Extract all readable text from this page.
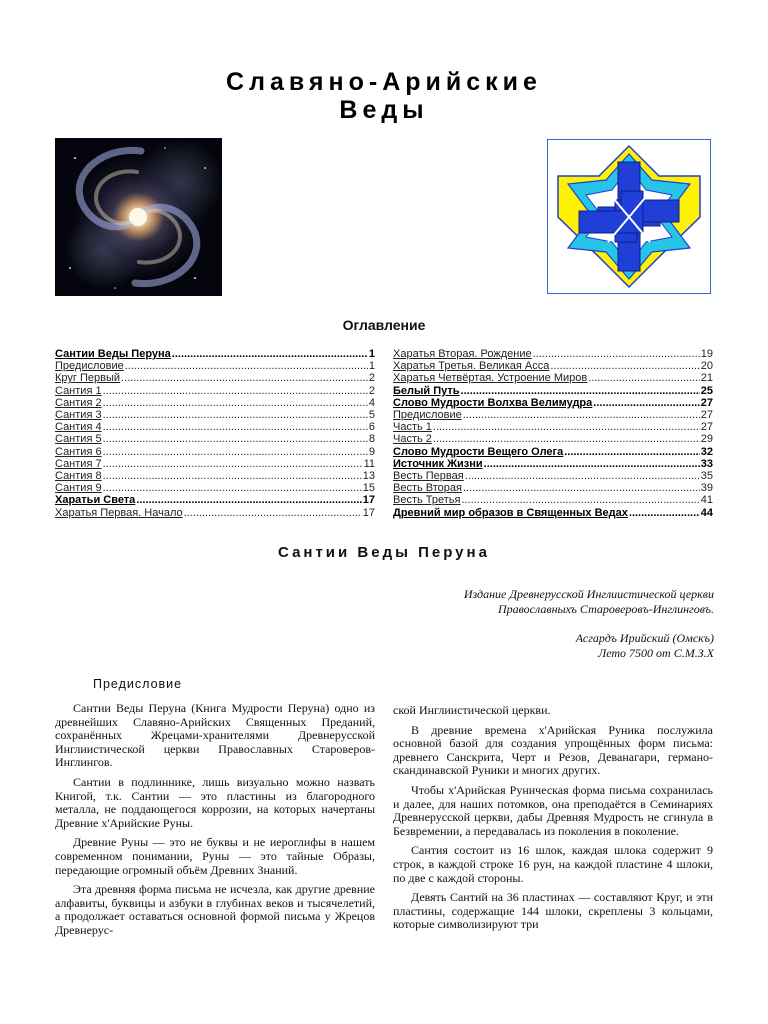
Славяно-Арийские
Веды
Оглавление
Сантии Веды Перуна .....	1
Предисловие .....	1
Круг Первый .....	2
Сантия 1 .....	2
Сантия 2 .....	4
Сантия 3 .....	5
Сантия 4 .....	6
Сантия 5 .....	8
Сантия 6 .....	9
Сантия 7 .....	11
Сантия 8 .....	13
Сантия 9 .....	15
Харатьи Света .....	17
Харатья Первая. Начало .....	17
Харатья Вторая. Рождение .....	19
Харатья Третья. Великая Асса .....	20
Харатья Четвёртая. Устроение Миров .....	21
Белый Путь .....	25
Слово Мудрости Волхва Велимудра .....	27
Предисловие .....	27
Часть 1 .....	27
Часть 2 .....	29
Слово Мудрости Вещего Олега .....	32
Источник Жизни .....	33
Весть Первая .....	35
Весть Вторая .....	39
Весть Третья .....	41
Древний мир образов в Священных Ведах .....	44
Сантии Веды Перуна
Издание Древнерусской Инглиистической церкви
Православныхъ Староверовъ-Инглинговъ.
Асгардъ Ирийский (Омскъ)
Лето 7500 от С.М.З.Х
Предисловие

Сантии Веды Перуна (Книга Мудрости Перуна) одно из древнейших Славяно-Арийских Священных Преданий, сохранённых Жрецами-хранителями Древнерусской Инглиистической церкви Православных Староверов-Инглингов.

Сантии в подлиннике, лишь визуально можно назвать Книгой, т.к. Сантии — это пластины из благородного металла, не поддающегося коррозии, на которых начертаны Древние х'Арийские Руны.

Древние Руны — это не буквы и не иероглифы в нашем современном понимании, Руны — это тайные Образы, передающие огромный объём Древних Знаний.

Эта древняя форма письма не исчезла, как другие древние алфавиты, буквицы и азбуки в глубинах веков и тысячелетий, а продолжает оставаться основной формой письма у Жрецов Древнерус-

ской Инглиистической церкви.

В древние времена х'Арийская Руника послужила основной базой для создания упрощённых форм письма: древнего Санскрита, Черт и Резов, Деванагари, германо-скандинавской Руники и многих других.

Чтобы х'Арийская Руническая форма письма сохранилась и далее, для наших потомков, она преподаётся в Семинариях Древнерусской церкви, дабы Древняя Мудрость не сгинула в Безвремении, а передавалась из поколения в поколение.

Сантия состоит из 16 шлок, каждая шлока содержит 9 строк, в каждой строке 16 рун, на каждой пластине 4 шлоки, по две с каждой стороны.

Девять Сантий на 36 пластинах — составляют Круг, и эти пластины, содержащие 144 шлоки, скреплены 3 кольцами, которые символизируют три
